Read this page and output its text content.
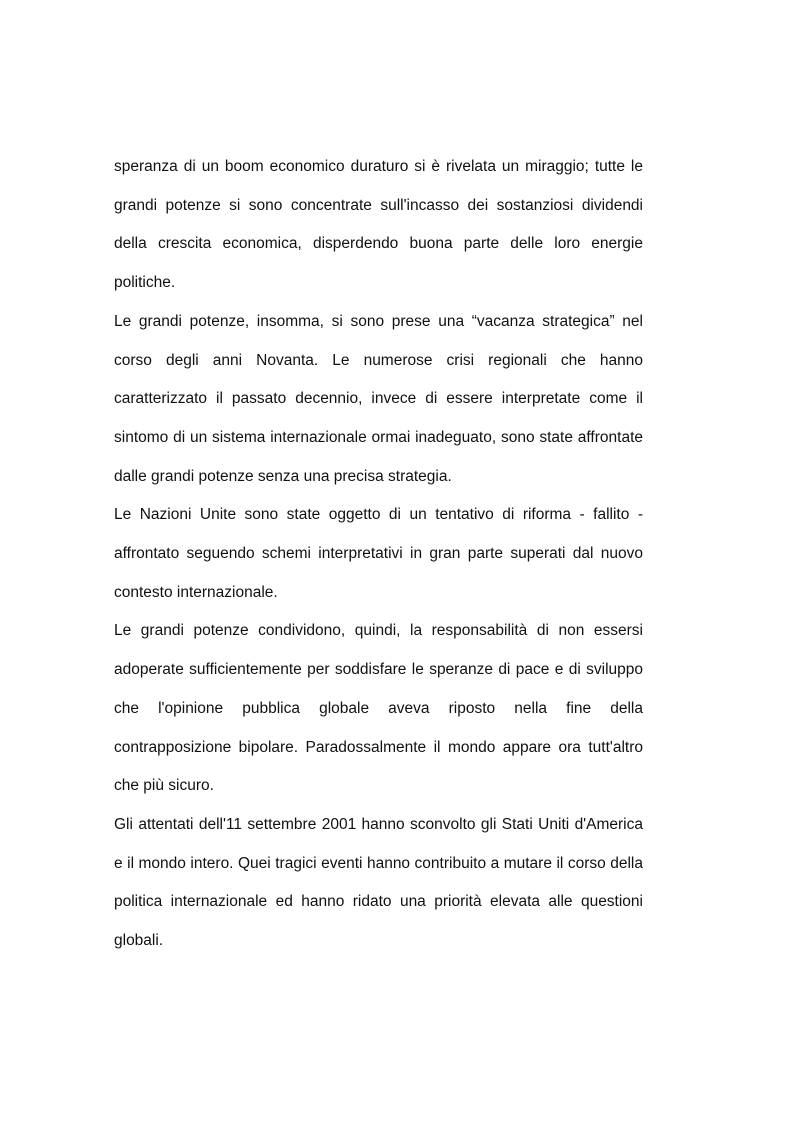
speranza di un boom economico duraturo si è rivelata un miraggio; tutte le grandi potenze si sono concentrate sull'incasso dei sostanziosi dividendi della crescita economica, disperdendo buona parte delle loro energie politiche.

Le grandi potenze, insomma, si sono prese una “vacanza strategica” nel corso degli anni Novanta. Le numerose crisi regionali che hanno caratterizzato il passato decennio, invece di essere interpretate come il sintomo di un sistema internazionale ormai inadeguato, sono state affrontate dalle grandi potenze senza una precisa strategia.

Le Nazioni Unite sono state oggetto di un tentativo di riforma - fallito - affrontato seguendo schemi interpretativi in gran parte superati dal nuovo contesto internazionale.

Le grandi potenze condividono, quindi, la responsabilità di non essersi adoperate sufficientemente per soddisfare le speranze di pace e di sviluppo che l'opinione pubblica globale aveva riposto nella fine della contrapposizione bipolare. Paradossalmente il mondo appare ora tutt'altro che più sicuro.

Gli attentati dell'11 settembre 2001 hanno sconvolto gli Stati Uniti d'America e il mondo intero. Quei tragici eventi hanno contribuito a mutare il corso della politica internazionale ed hanno ridato una priorità elevata alle questioni globali.
